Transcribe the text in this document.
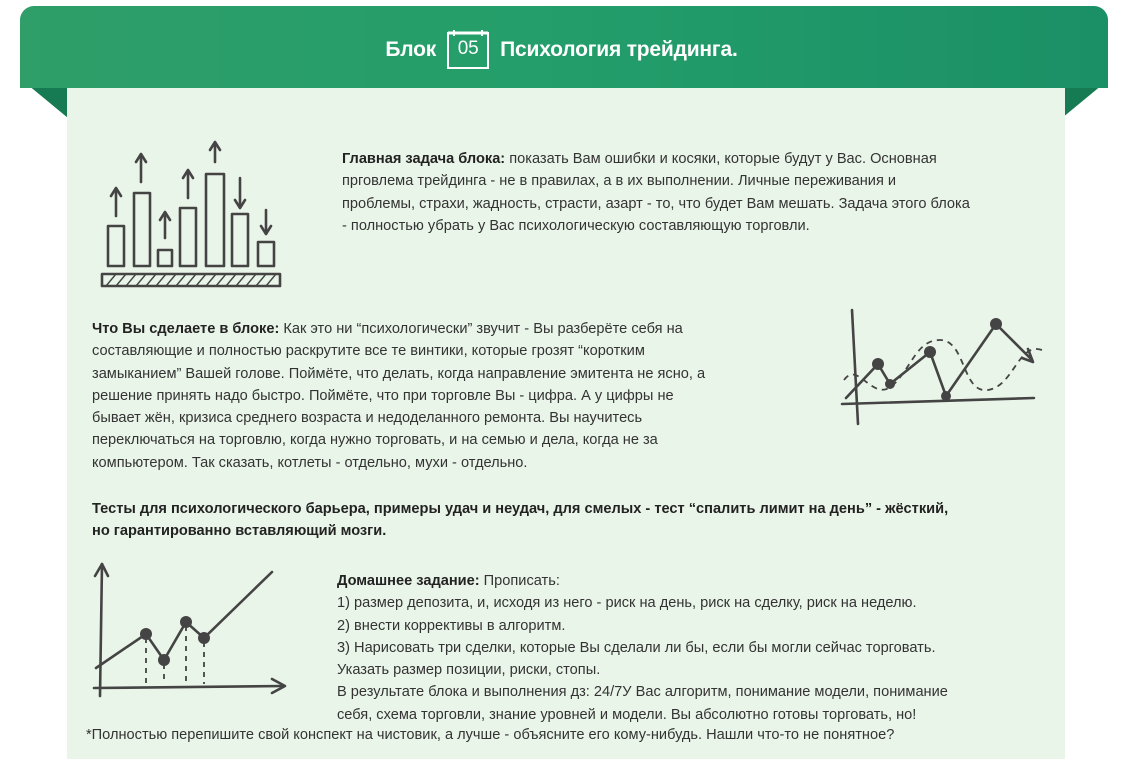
Блок	05	Психология трейдинга.
Главная задача блока: показать Вам ошибки и косяки, которые будут у Вас. Основная
прговлема трейдинга - не в правилах, а в их выполнении. Личные переживания и
проблемы, страхи, жадность, страсти, азарт - то, что будет Вам мешать. Задача этого блока
- полностью убрать у Вас психологическую составляющую торговли.
Что Вы сделаете в блоке: Как это ни “психологически” звучит - Вы разберёте себя на
составляющие и полностью раскрутите все те винтики, которые грозят “коротким
замыканием” Вашей голове. Поймёте, что делать, когда направление эмитента не ясно, а
решение принять надо быстро. Поймёте, что при торговле Вы - цифра. А у цифры не
бывает жён, кризиса среднего возраста и недоделанного ремонта. Вы научитесь
переключаться на торговлю, когда нужно торговать, и на семью и дела, когда не за
компьютером. Так сказать, котлеты - отдельно, мухи - отдельно.
Тесты для психологического барьера, примеры удач и неудач, для смелых - тест “спалить лимит на день” - жёсткий,
но гарантированно вставляющий мозги.
Домашнее задание: Прописать:
1) размер депозита, и, исходя из него - риск на день, риск на сделку, риск на неделю.
2) внести коррективы в алгоритм.
3) Нарисовать три сделки, которые Вы сделали ли бы, если бы могли сейчас торговать.
Указать размер позиции, риски, стопы.
В результате блока и выполнения дз: 24/7У Вас алгоритм, понимание модели, понимание
себя, схема торговли, знание уровней и модели. Вы абсолютно готовы торговать, но!
*Полностью перепишите свой конспект на чистовик, а лучше - объясните его кому-нибудь. Нашли что-то не понятное?
